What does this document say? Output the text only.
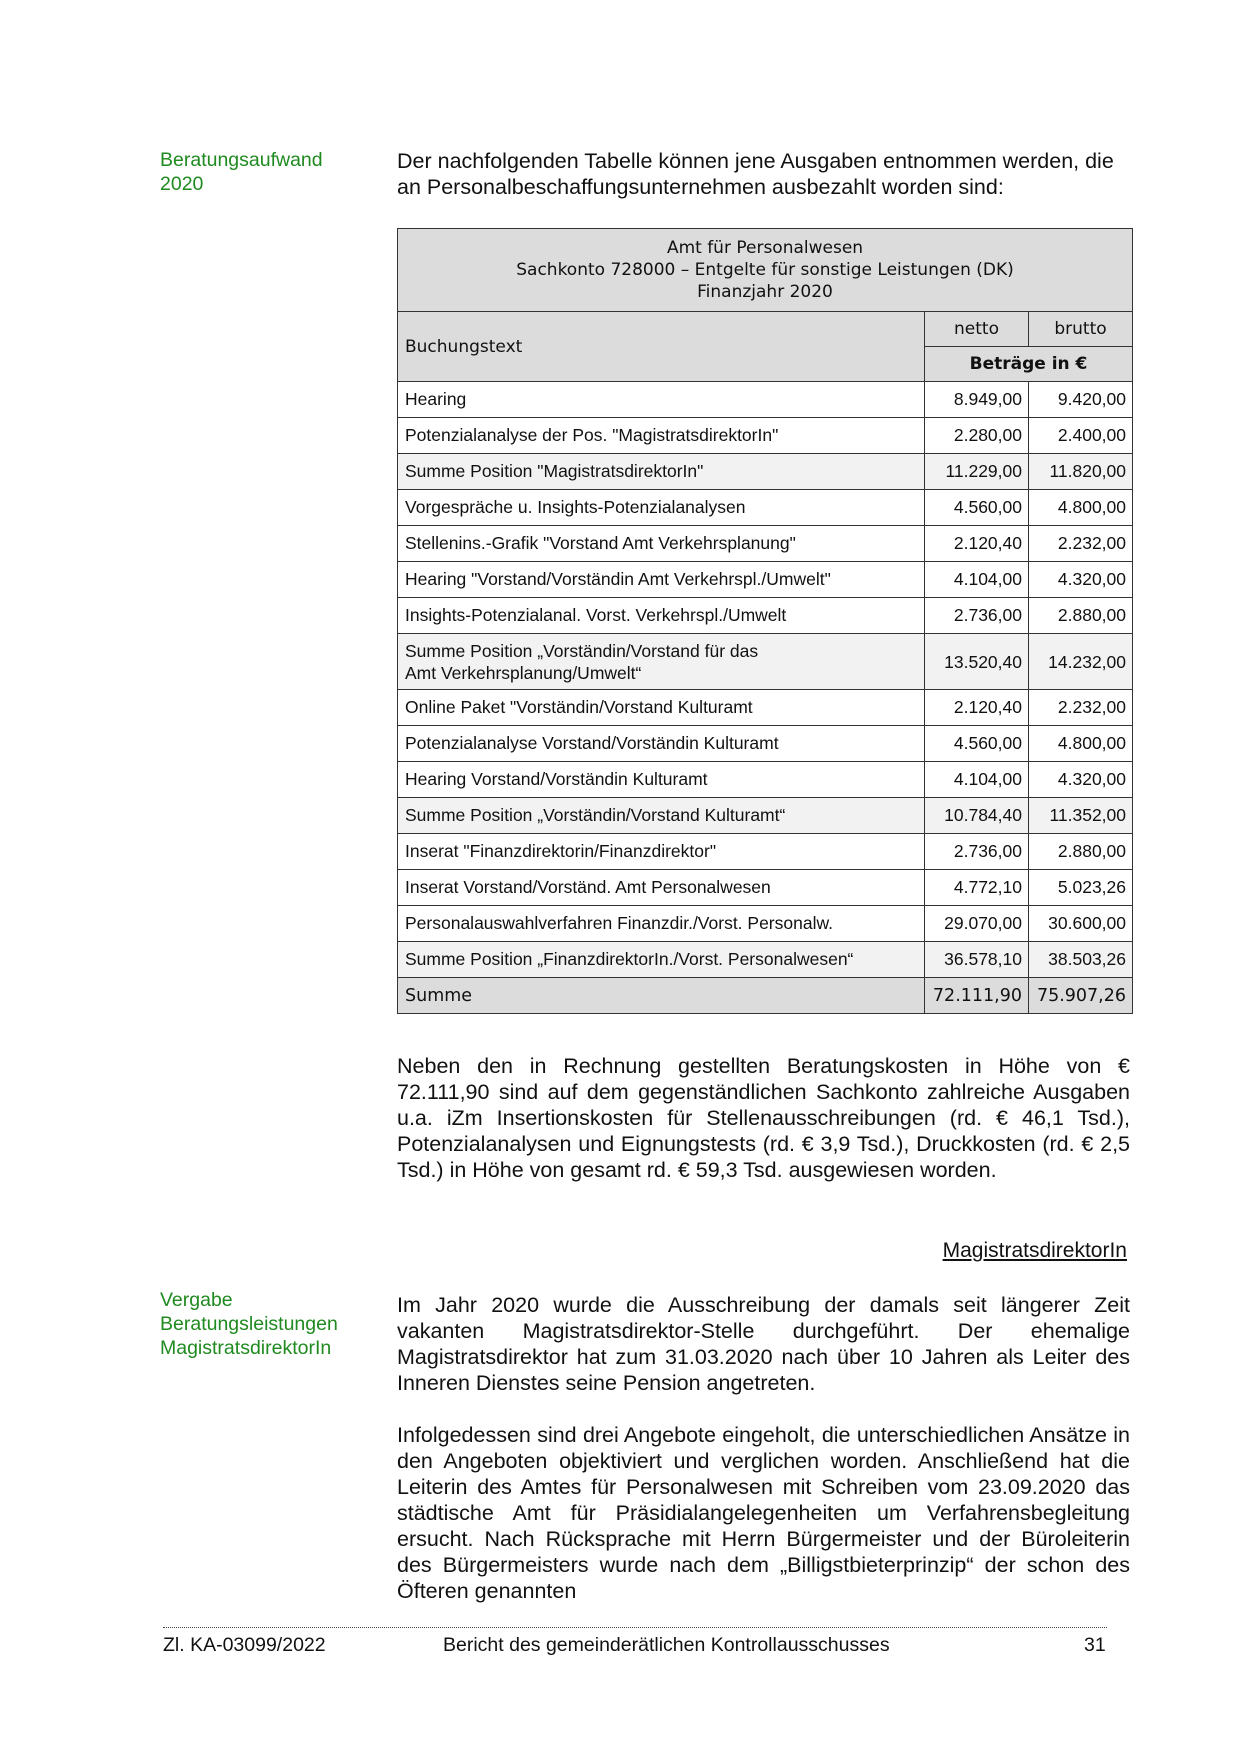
Beratungsaufwand
2020
Der nachfolgenden Tabelle können jene Ausgaben entnommen werden, die an Personalbeschaffungsunternehmen ausbezahlt worden sind:
Amt für Personalwesen
Sachkonto 728000 – Entgelte für sonstige Leistungen (DK)
Finanzjahr 2020		

Buchungstext	netto	brutto
	Beträge in €	
Hearing	8.949,00	9.420,00
Potenzialanalyse der Pos. "MagistratsdirektorIn"	2.280,00	2.400,00
Summe Position "MagistratsdirektorIn"	11.229,00	11.820,00
Vorgespräche u. Insights-Potenzialanalysen	4.560,00	4.800,00
Stellenins.-Grafik "Vorstand Amt Verkehrsplanung"	2.120,40	2.232,00
Hearing "Vorstand/Vorständin Amt Verkehrspl./Umwelt"	4.104,00	4.320,00
Insights-Potenzialanal. Vorst. Verkehrspl./Umwelt	2.736,00	2.880,00

Summe Position „Vorständin/Vorstand für das
Amt Verkehrsplanung/Umwelt“	13.520,40	14.232,00
Online Paket "Vorständin/Vorstand Kulturamt	2.120,40	2.232,00
Potenzialanalyse Vorstand/Vorständin Kulturamt	4.560,00	4.800,00
Hearing Vorstand/Vorständin Kulturamt	4.104,00	4.320,00
Summe Position „Vorständin/Vorstand Kulturamt“	10.784,40	11.352,00
Inserat "Finanzdirektorin/Finanzdirektor"	2.736,00	2.880,00
Inserat Vorstand/Vorständ. Amt Personalwesen	4.772,10	5.023,26
Personalauswahlverfahren Finanzdir./Vorst. Personalw.	29.070,00	30.600,00
Summe Position „FinanzdirektorIn./Vorst. Personalwesen“	36.578,10	38.503,26
Summe	72.111,90	75.907,26
Neben den in Rechnung gestellten Beratungskosten in Höhe von € 72.111,90 sind auf dem gegenständlichen Sachkonto zahlreiche Ausgaben u.a. iZm Insertionskosten für Stellenausschreibungen (rd. € 46,1 Tsd.), Potenzialanalysen und Eignungstests (rd. € 3,9 Tsd.), Druckkosten (rd. € 2,5 Tsd.) in Höhe von gesamt rd. € 59,3 Tsd. ausgewiesen worden.
MagistratsdirektorIn
Vergabe
Beratungsleistungen
MagistratsdirektorIn
Im Jahr 2020 wurde die Ausschreibung der damals seit längerer Zeit vakanten Magistratsdirektor-Stelle durchgeführt. Der ehemalige Magistratsdirektor hat zum 31.03.2020 nach über 10 Jahren als Leiter des Inneren Dienstes seine Pension angetreten.
Infolgedessen sind drei Angebote eingeholt, die unterschiedlichen Ansätze in den Angeboten objektiviert und verglichen worden. Anschließend hat die Leiterin des Amtes für Personalwesen mit Schreiben vom 23.09.2020 das städtische Amt für Präsidialangelegenheiten um Verfahrensbegleitung ersucht. Nach Rücksprache mit Herrn Bürgermeister und der Büroleiterin des Bürgermeisters wurde nach dem „Billigstbieterprinzip“ der schon des Öfteren genannten
Zl. KA-03099/2022	Bericht des gemeinderätlichen Kontrollausschusses	31
